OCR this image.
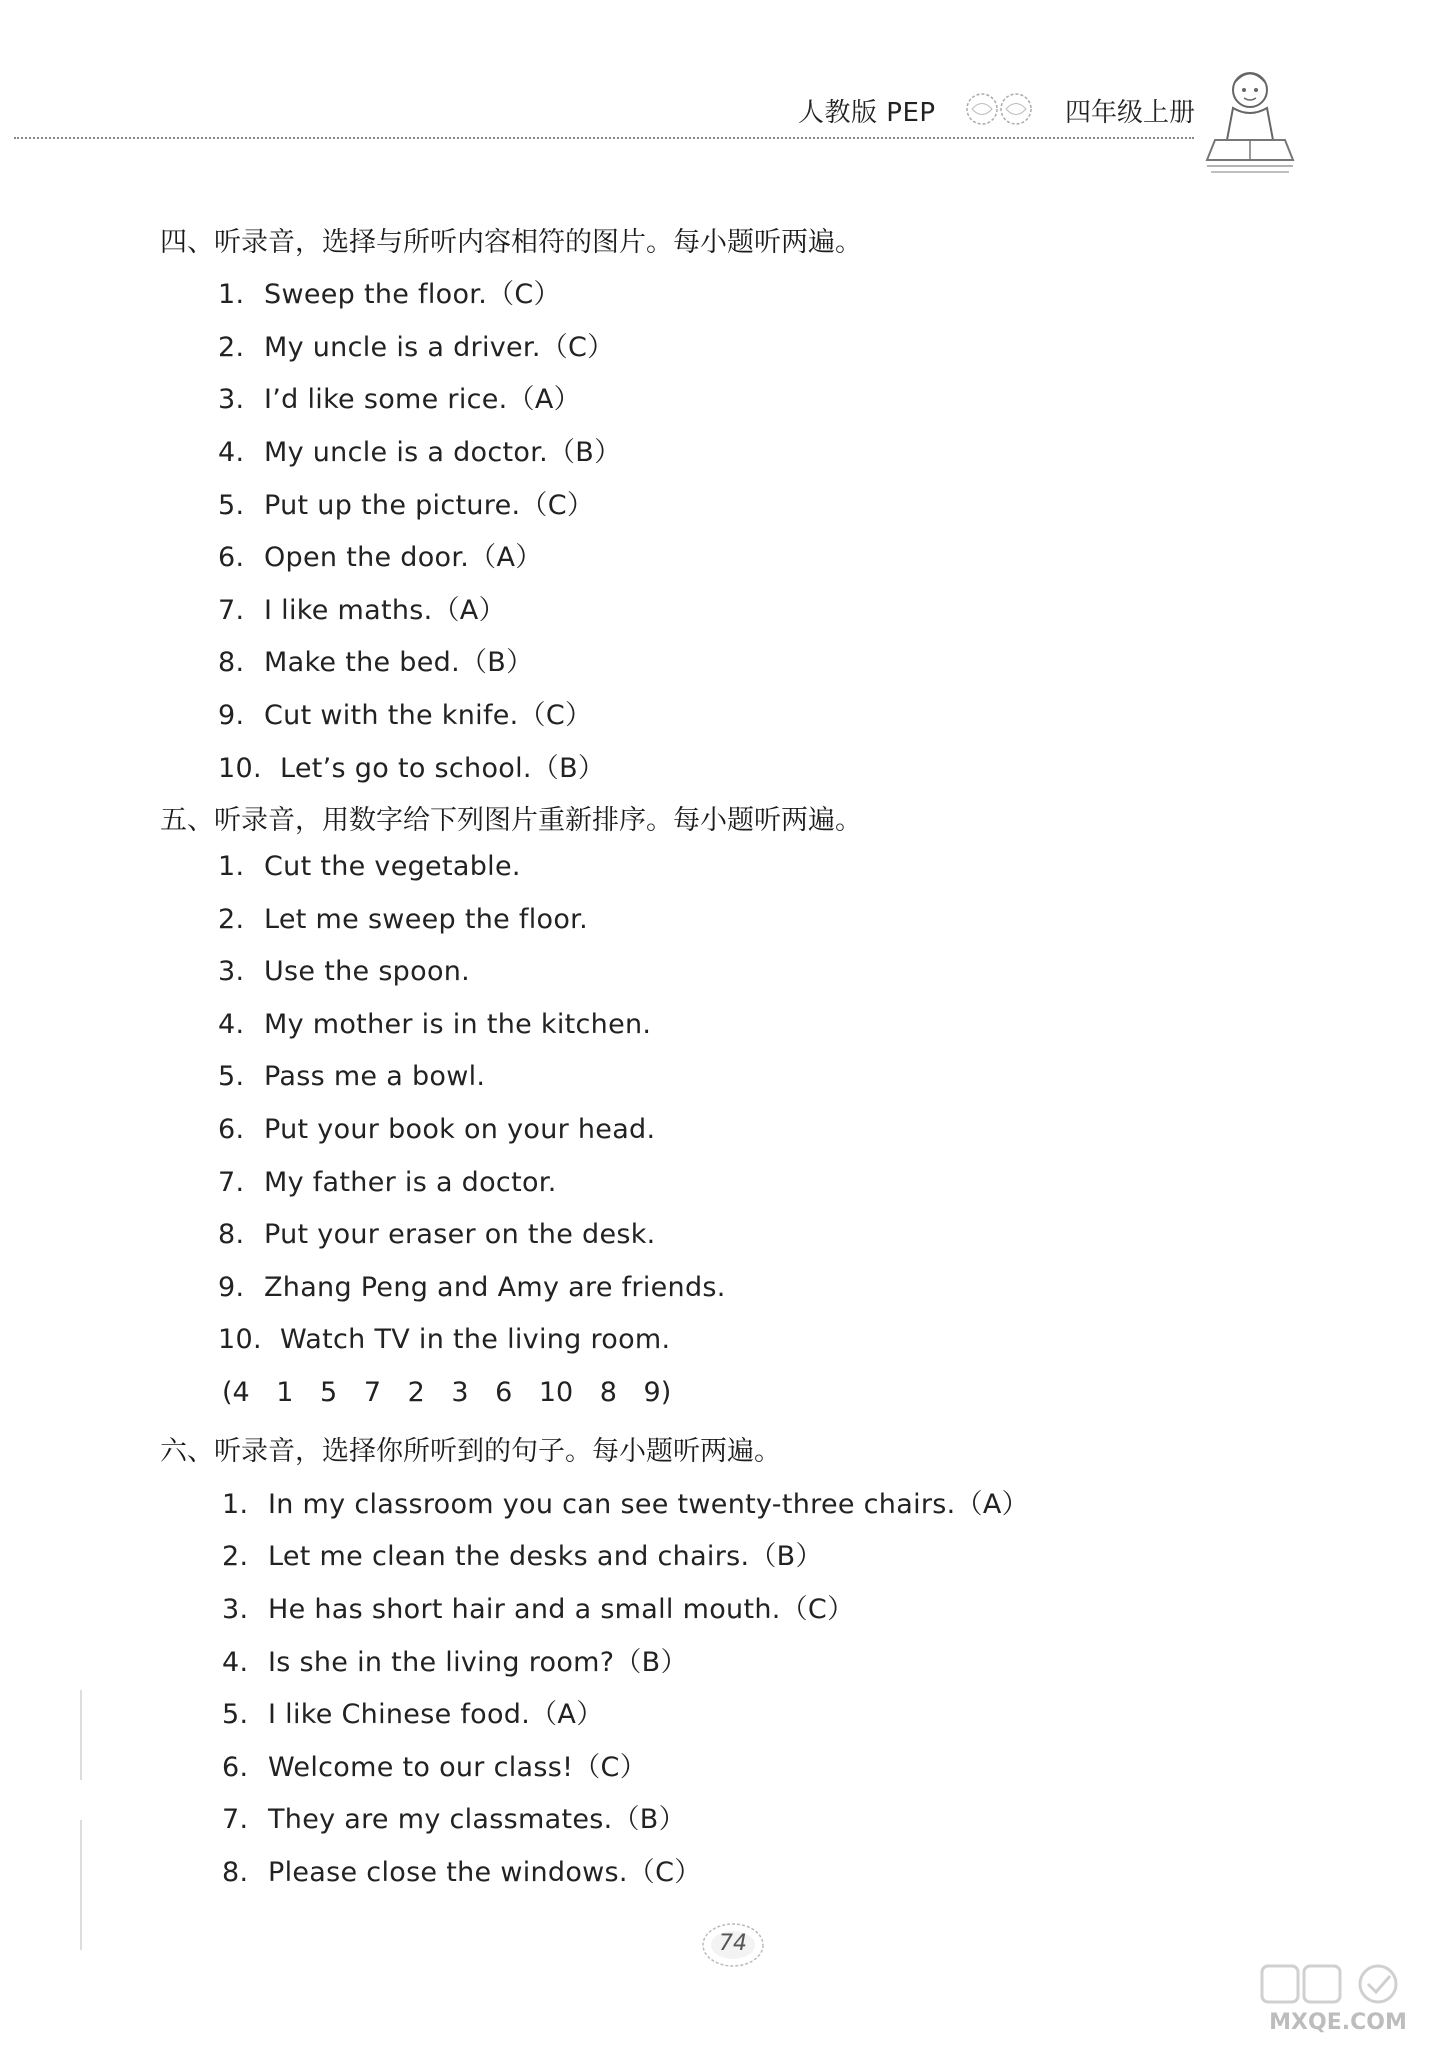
人教版 PEP	四年级上册
四、听录音，选择与所听内容相符的图片。每小题听两遍。
1. Sweep the floor.（C）
2. My uncle is a driver.（C）
3. I’d like some rice.（A）
4. My uncle is a doctor.（B）
5. Put up the picture.（C）
6. Open the door.（A）
7. I like maths.（A）
8. Make the bed.（B）
9. Cut with the knife.（C）
10. Let’s go to school.（B）
五、听录音，用数字给下列图片重新排序。每小题听两遍。
1. Cut the vegetable.
2. Let me sweep the floor.
3. Use the spoon.
4. My mother is in the kitchen.
5. Pass me a bowl.
6. Put your book on your head.
7. My father is a doctor.
8. Put your eraser on the desk.
9. Zhang Peng and Amy are friends.
10. Watch TV in the living room.
(4 1 5 7 2 3 6 10 8 9)
六、听录音，选择你所听到的句子。每小题听两遍。
1. In my classroom you can see twenty-three chairs.（A）
2. Let me clean the desks and chairs.（B）
3. He has short hair and a small mouth.（C）
4. Is she in the living room?（B）
5. I like Chinese food.（A）
6. Welcome to our class!（C）
7. They are my classmates.（B）
8. Please close the windows.（C）
74
MXQE.COM
